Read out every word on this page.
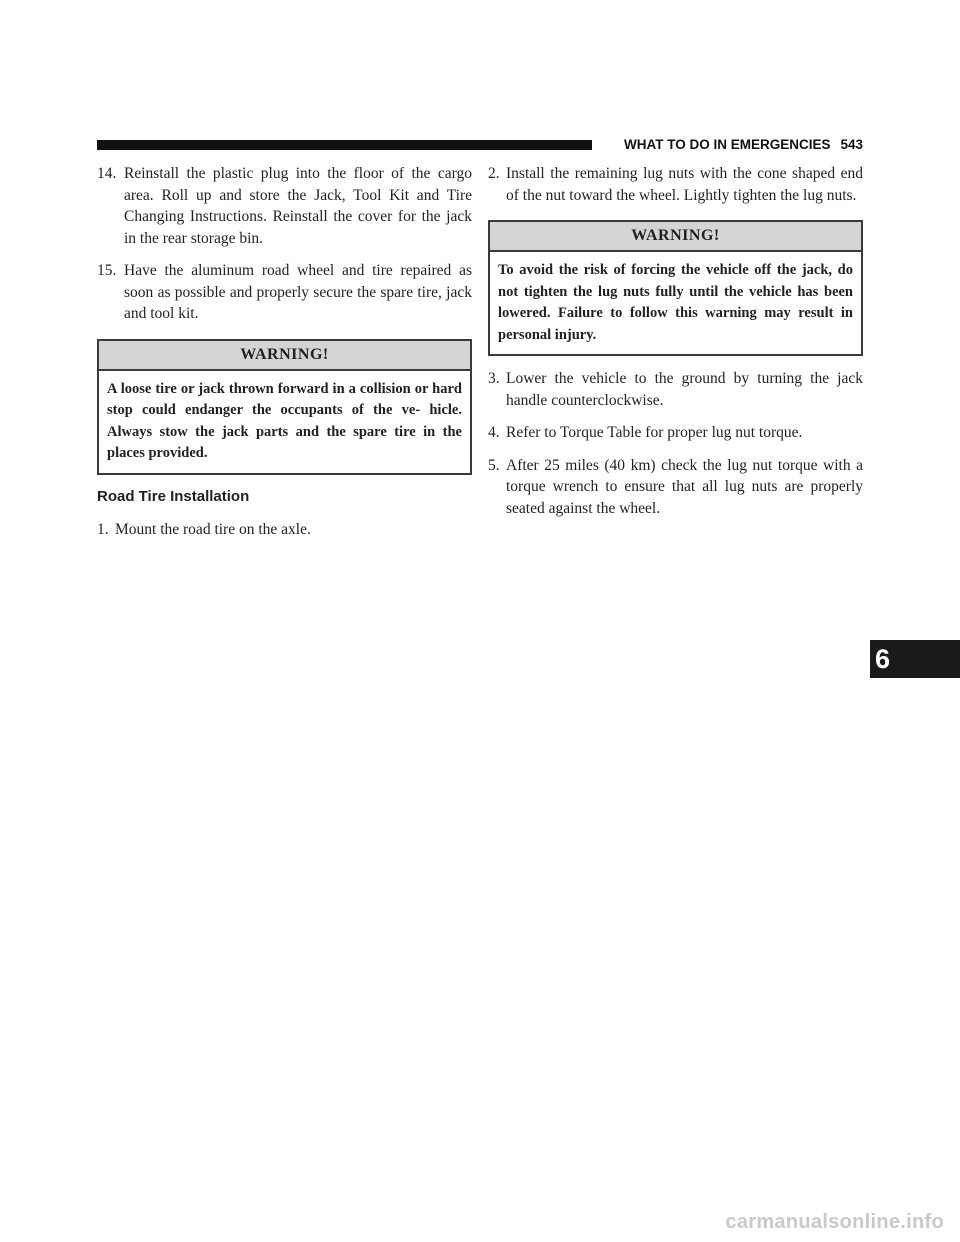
WHAT TO DO IN EMERGENCIES 543
14. Reinstall the plastic plug into the floor of the cargo area. Roll up and store the Jack, Tool Kit and Tire Changing Instructions. Reinstall the cover for the jack in the rear storage bin.
15. Have the aluminum road wheel and tire repaired as soon as possible and properly secure the spare tire, jack and tool kit.
WARNING!
A loose tire or jack thrown forward in a collision or hard stop could endanger the occupants of the ve- hicle. Always stow the jack parts and the spare tire in the places provided.
Road Tire Installation
1. Mount the road tire on the axle.
2. Install the remaining lug nuts with the cone shaped end of the nut toward the wheel. Lightly tighten the lug nuts.
WARNING!
To avoid the risk of forcing the vehicle off the jack, do not tighten the lug nuts fully until the vehicle has been lowered. Failure to follow this warning may result in personal injury.
3. Lower the vehicle to the ground by turning the jack handle counterclockwise.
4. Refer to Torque Table for proper lug nut torque.
5. After 25 miles (40 km) check the lug nut torque with a torque wrench to ensure that all lug nuts are properly seated against the wheel.
6
carmanualsonline.info
